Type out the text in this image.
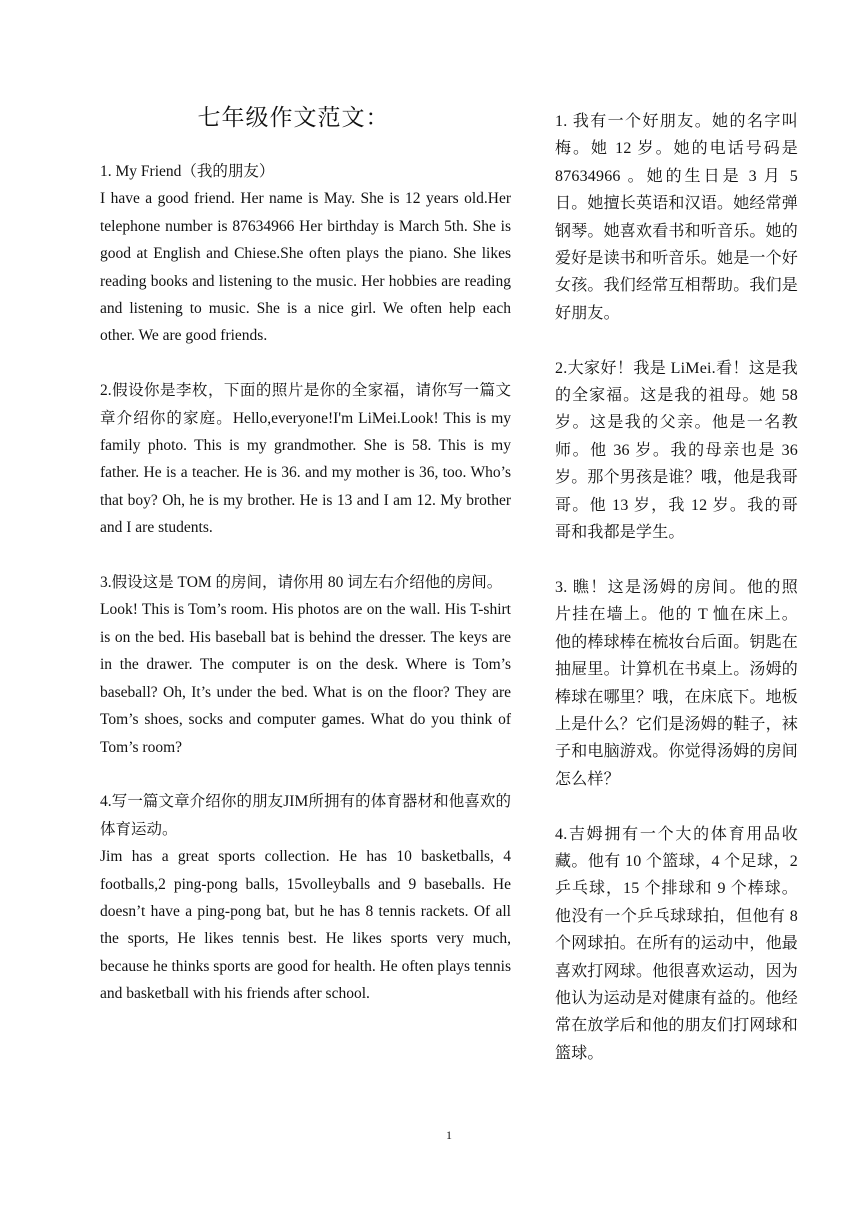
七年级作文范文：

1. My Friend（我的朋友）

I have a good friend. Her name is May. She is 12 years old.Her telephone number is 87634966 Her birthday is March 5th. She is good at English and Chiese.She often plays the piano. She likes reading books and listening to the music. Her hobbies are reading and listening to music. She is a nice girl. We often help each other. We are good friends.

2.假设你是李枚，下面的照片是你的全家福，请你写一篇文章介绍你的家庭。Hello,everyone!I'm LiMei.Look! This is my family photo. This is my grandmother. She is 58. This is my father. He is a teacher. He is 36. and my mother is 36, too. Who’s that boy? Oh, he is my brother. He is 13 and I am 12. My brother and I are students.

3.假设这是 TOM 的房间，请你用 80 词左右介绍他的房间。

Look! This is Tom’s room. His photos are on the wall. His T-shirt is on the bed. His baseball bat is behind the dresser. The keys are in the drawer. The computer is on the desk. Where is Tom’s baseball? Oh, It’s under the bed. What is on the floor? They are Tom’s shoes, socks and computer games. What do you think of Tom’s room?

4.写一篇文章介绍你的朋友JIM所拥有的体育器材和他喜欢的体育运动。

Jim has a great sports collection. He has 10 basketballs, 4 footballs,2 ping-pong balls, 15volleyballs and 9 baseballs. He doesn’t have a ping-pong bat, but he has 8 tennis rackets. Of all the sports, He likes tennis best. He likes sports very much, because he thinks sports are good for health. He often plays tennis and basketball with his friends after school.

1. 我有一个好朋友。她的名字叫梅。她 12 岁。她的电话号码是 87634966 。她的生日是 3 月 5 日。她擅长英语和汉语。她经常弹钢琴。她喜欢看书和听音乐。她的爱好是读书和听音乐。她是一个好女孩。我们经常互相帮助。我们是好朋友。

2.大家好！我是 LiMei.看！这是我的全家福。这是我的祖母。她 58 岁。这是我的父亲。他是一名教师。他 36 岁。我的母亲也是 36 岁。那个男孩是谁？哦，他是我哥哥。他 13 岁，我 12 岁。我的哥哥和我都是学生。

3. 瞧！这是汤姆的房间。他的照片挂在墙上。他的 T 恤在床上。他的棒球棒在梳妆台后面。钥匙在抽屉里。计算机在书桌上。汤姆的棒球在哪里？哦，在床底下。地板上是什么？它们是汤姆的鞋子，袜子和电脑游戏。你觉得汤姆的房间怎么样？

4.吉姆拥有一个大的体育用品收藏。他有 10 个篮球，4 个足球，2 乒乓球，15 个排球和 9 个棒球。他没有一个乒乓球球拍，但他有 8 个网球拍。在所有的运动中，他最喜欢打网球。他很喜欢运动，因为他认为运动是对健康有益的。他经常在放学后和他的朋友们打网球和篮球。

1
